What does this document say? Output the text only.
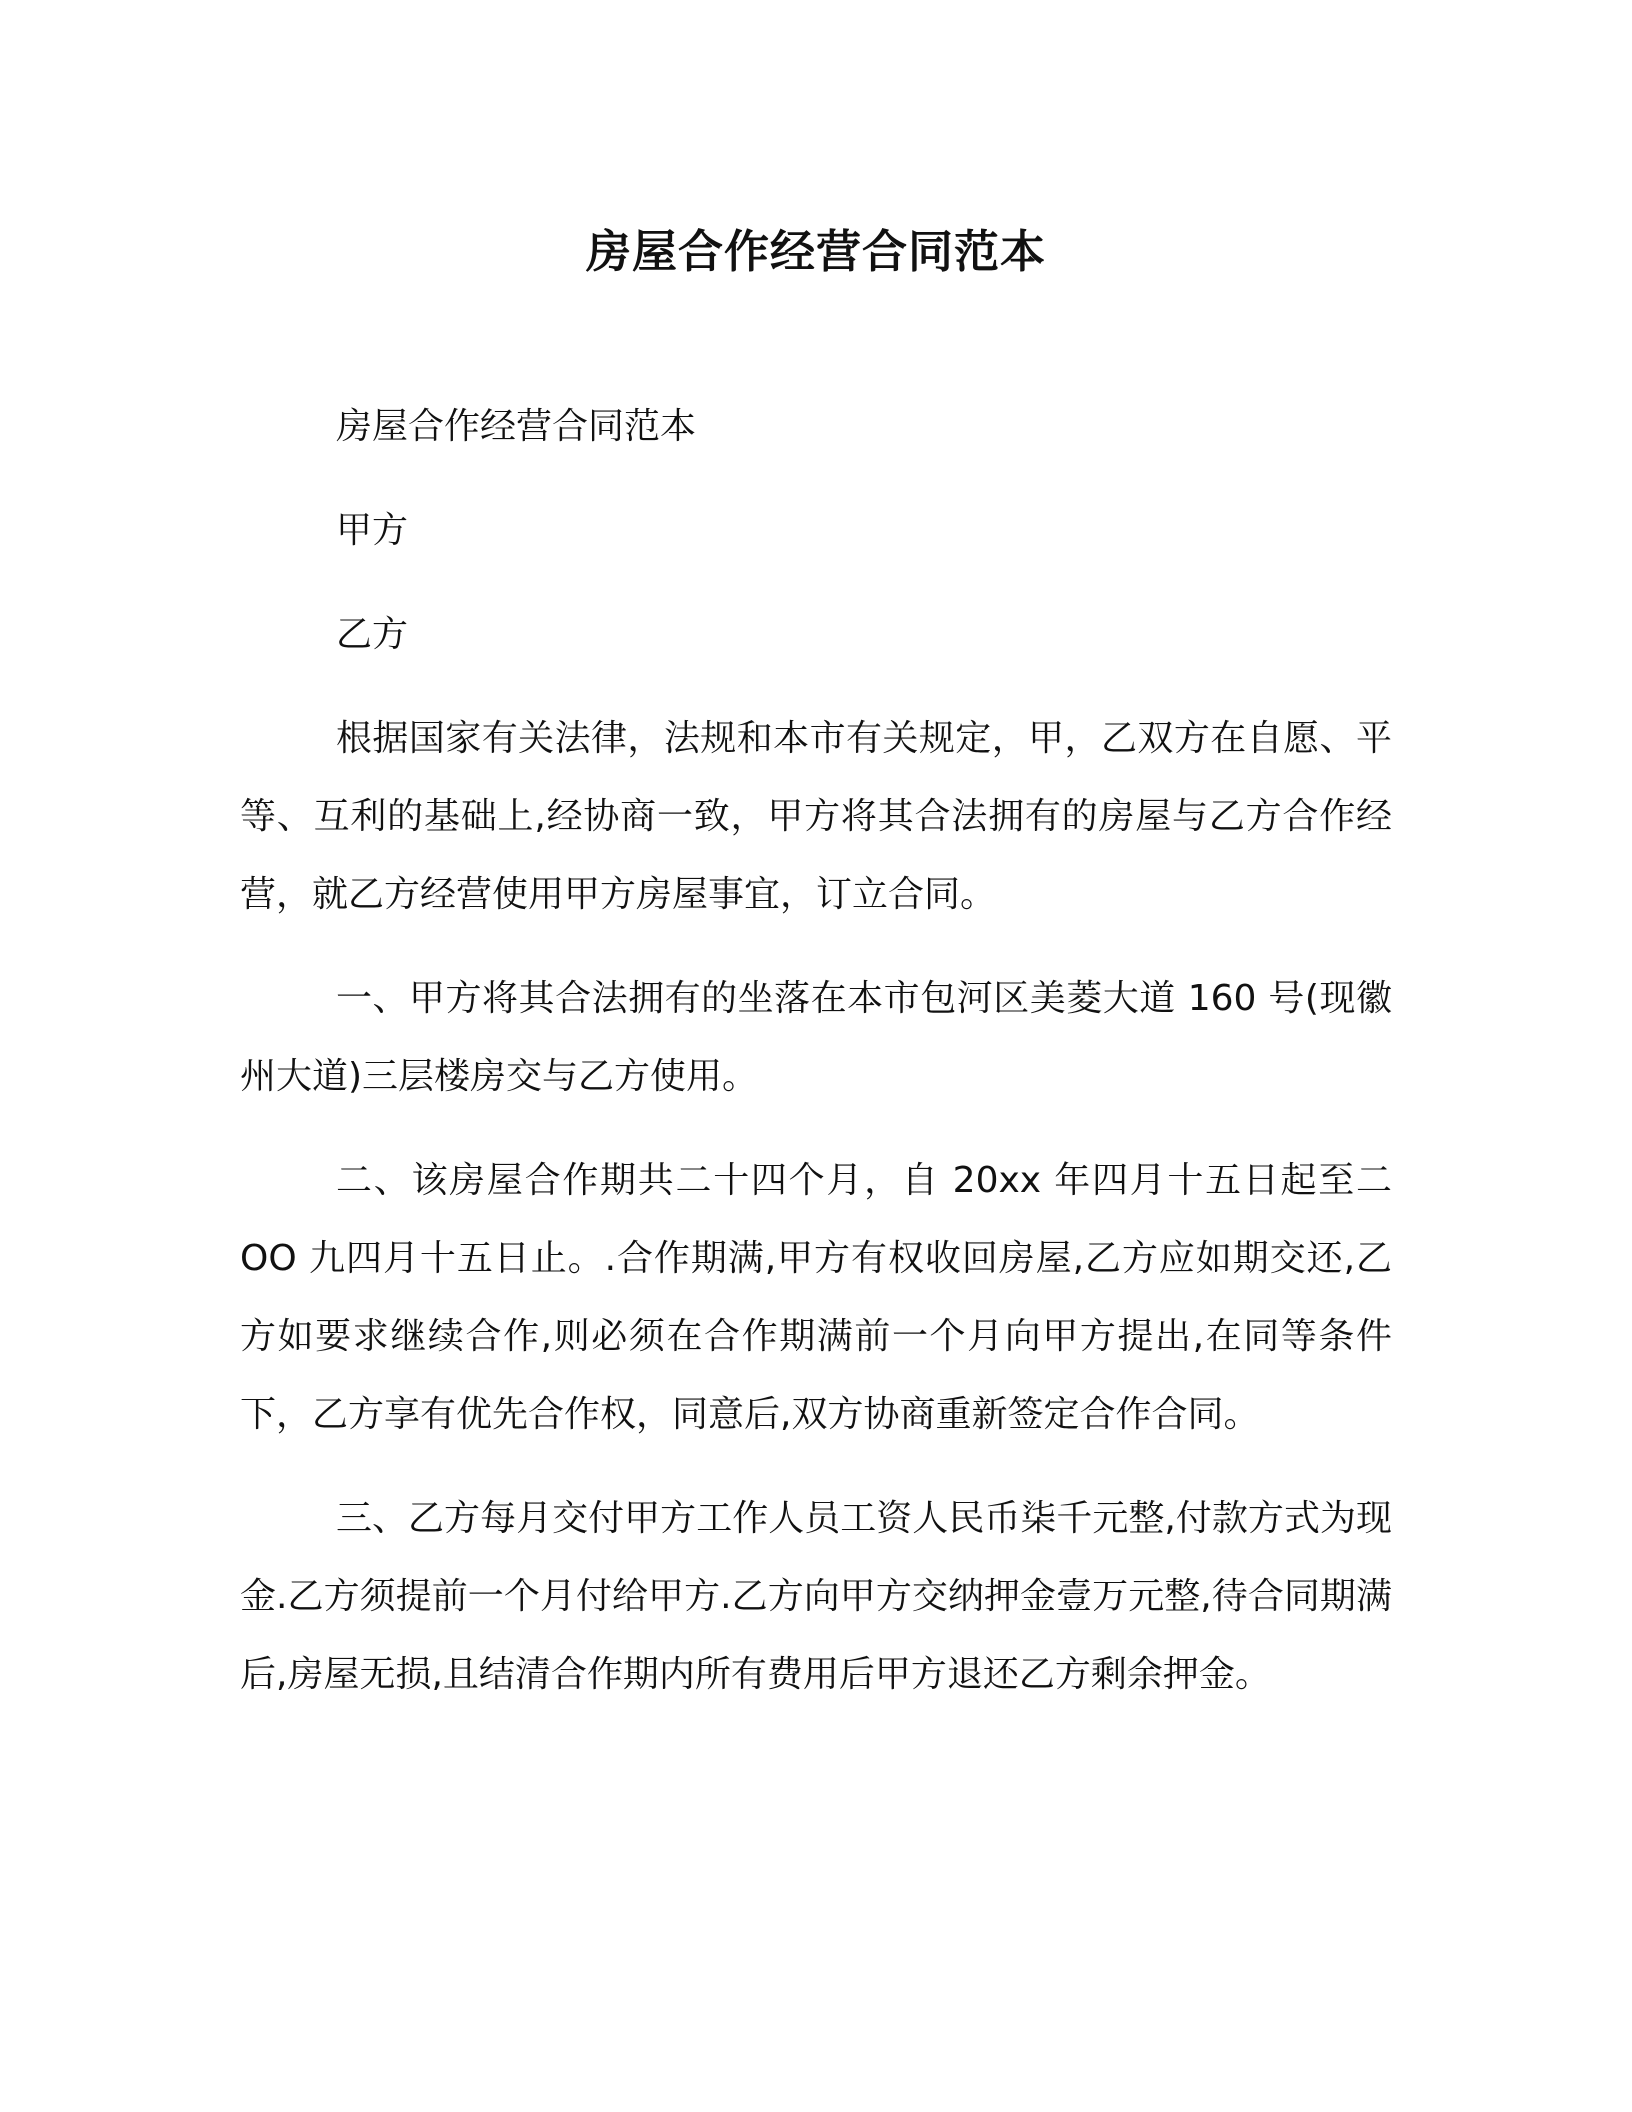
房屋合作经营合同范本

房屋合作经营合同范本

甲方

乙方

根据国家有关法律，法规和本市有关规定，甲，乙双方在自愿、平等、互利的基础上,经协商一致，甲方将其合法拥有的房屋与乙方合作经营，就乙方经营使用甲方房屋事宜，订立合同。

一、甲方将其合法拥有的坐落在本市包河区美菱大道 160 号(现徽州大道)三层楼房交与乙方使用。

二、该房屋合作期共二十四个月，自 20xx 年四月十五日起至二OO 九四月十五日止。.合作期满,甲方有权收回房屋,乙方应如期交还,乙方如要求继续合作,则必须在合作期满前一个月向甲方提出,在同等条件下，乙方享有优先合作权，同意后,双方协商重新签定合作合同。

三、乙方每月交付甲方工作人员工资人民币柒千元整,付款方式为现金.乙方须提前一个月付给甲方.乙方向甲方交纳押金壹万元整,待合同期满后,房屋无损,且结清合作期内所有费用后甲方退还乙方剩余押金。
